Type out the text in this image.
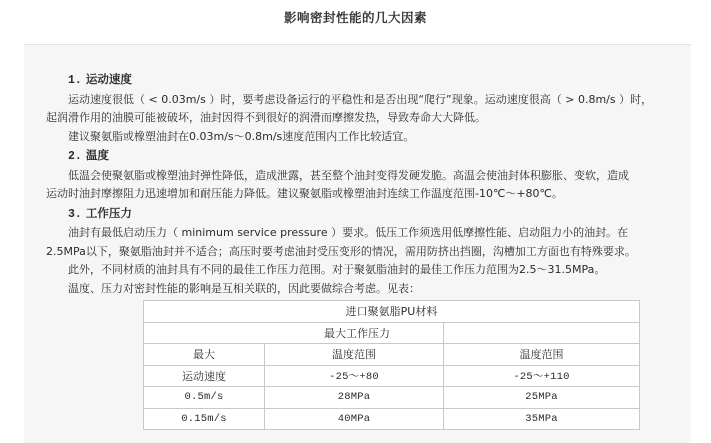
影响密封性能的几大因素

1. 运动速度

运动速度很低（ < 0.03m/s ）时，要考虑设备运行的平稳性和是否出现“爬行”现象。运动速度很高（ > 0.8m/s ）时，

起润滑作用的油膜可能被破坏，油封因得不到很好的润滑而摩擦发热，导致寿命大大降低。

建议聚氨脂或橡塑油封在0.03m/s～0.8m/s速度范围内工作比较适宜。

2. 温度

低温会使聚氨脂或橡塑油封弹性降低，造成泄露，甚至整个油封变得发硬发脆。高温会使油封体积膨胀、变软，造成

运动时油封摩擦阻力迅速增加和耐压能力降低。建议聚氨脂或橡塑油封连续工作温度范围-10℃～+80℃。

3. 工作压力

油封有最低启动压力（ minimum service pressure ）要求。低压工作须选用低摩擦性能、启动阻力小的油封。在

2.5MPa以下，聚氨脂油封并不适合；高压时要考虑油封受压变形的情况，需用防挤出挡圈，沟槽加工方面也有特殊要求。

此外，不同材质的油封具有不同的最佳工作压力范围。对于聚氨脂油封的最佳工作压力范围为2.5～31.5MPa。

温度、压力对密封性能的影响是互相关联的，因此要做综合考虑。见表：

进口聚氨脂PU材料		
最大工作压力		
最大	温度范围	温度范围
运动速度	-25～+80	-25～+110
0.5m/s	28MPa	25MPa
0.15m/s	40MPa	35MPa
